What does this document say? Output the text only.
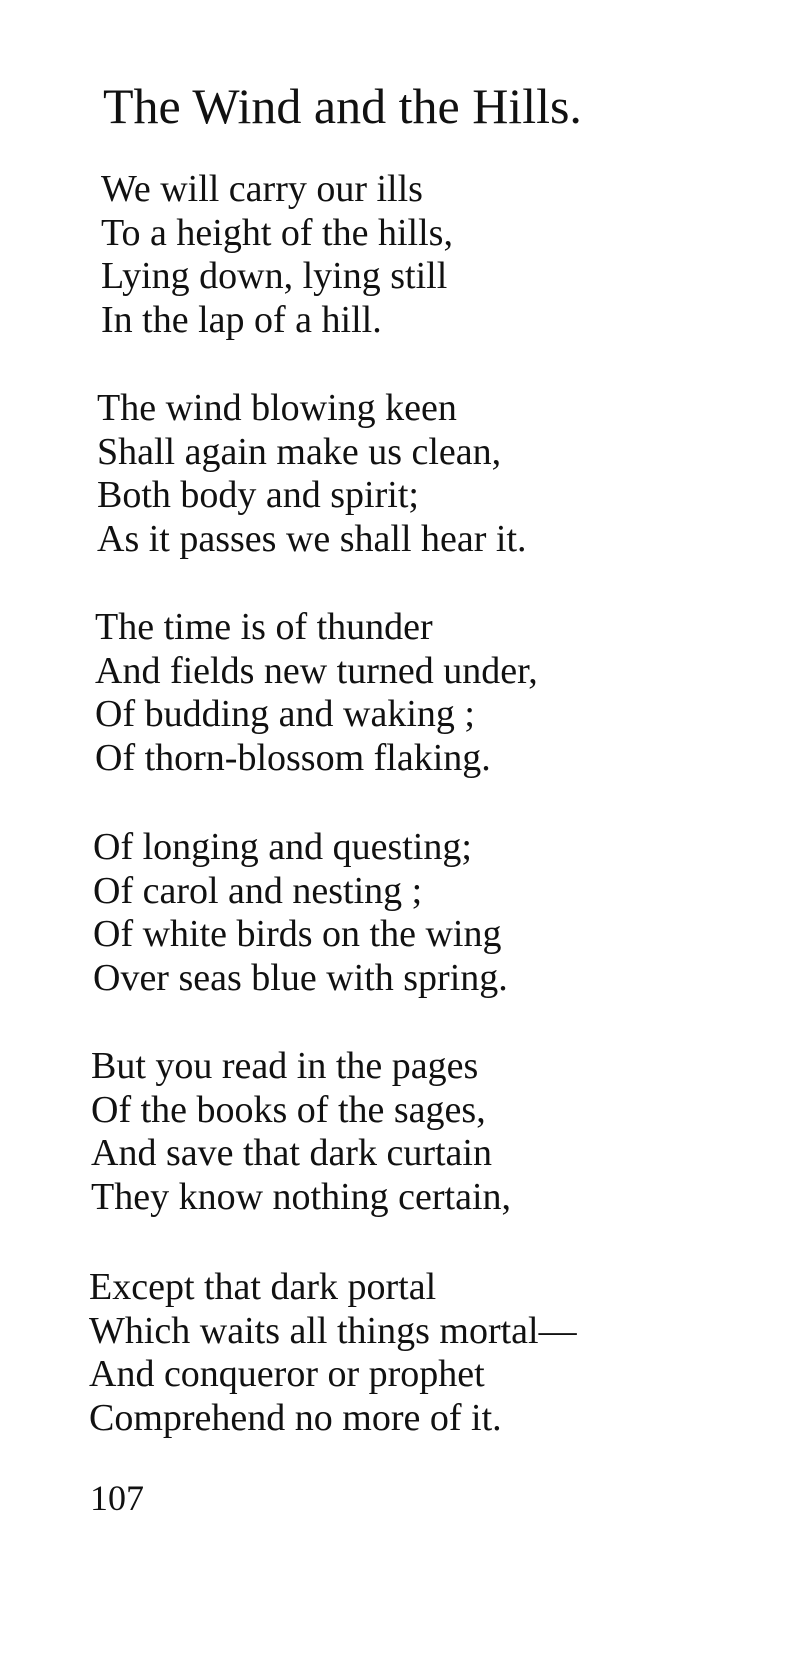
The Wind and the Hills.
We will carry our ills
To a height of the hills,
Lying down, lying still
In the lap of a hill.
The wind blowing keen
Shall again make us clean,
Both body and spirit;
As it passes we shall hear it.
The time is of thunder
And fields new turned under,
Of budding and waking ;
Of thorn-blossom flaking.
Of longing and questing;
Of carol and nesting ;
Of white birds on the wing
Over seas blue with spring.
But you read in the pages
Of the books of the sages,
And save that dark curtain
They know nothing certain,
Except that dark portal
Which waits all things mortal—
And conqueror or prophet
Comprehend no more of it.
107
